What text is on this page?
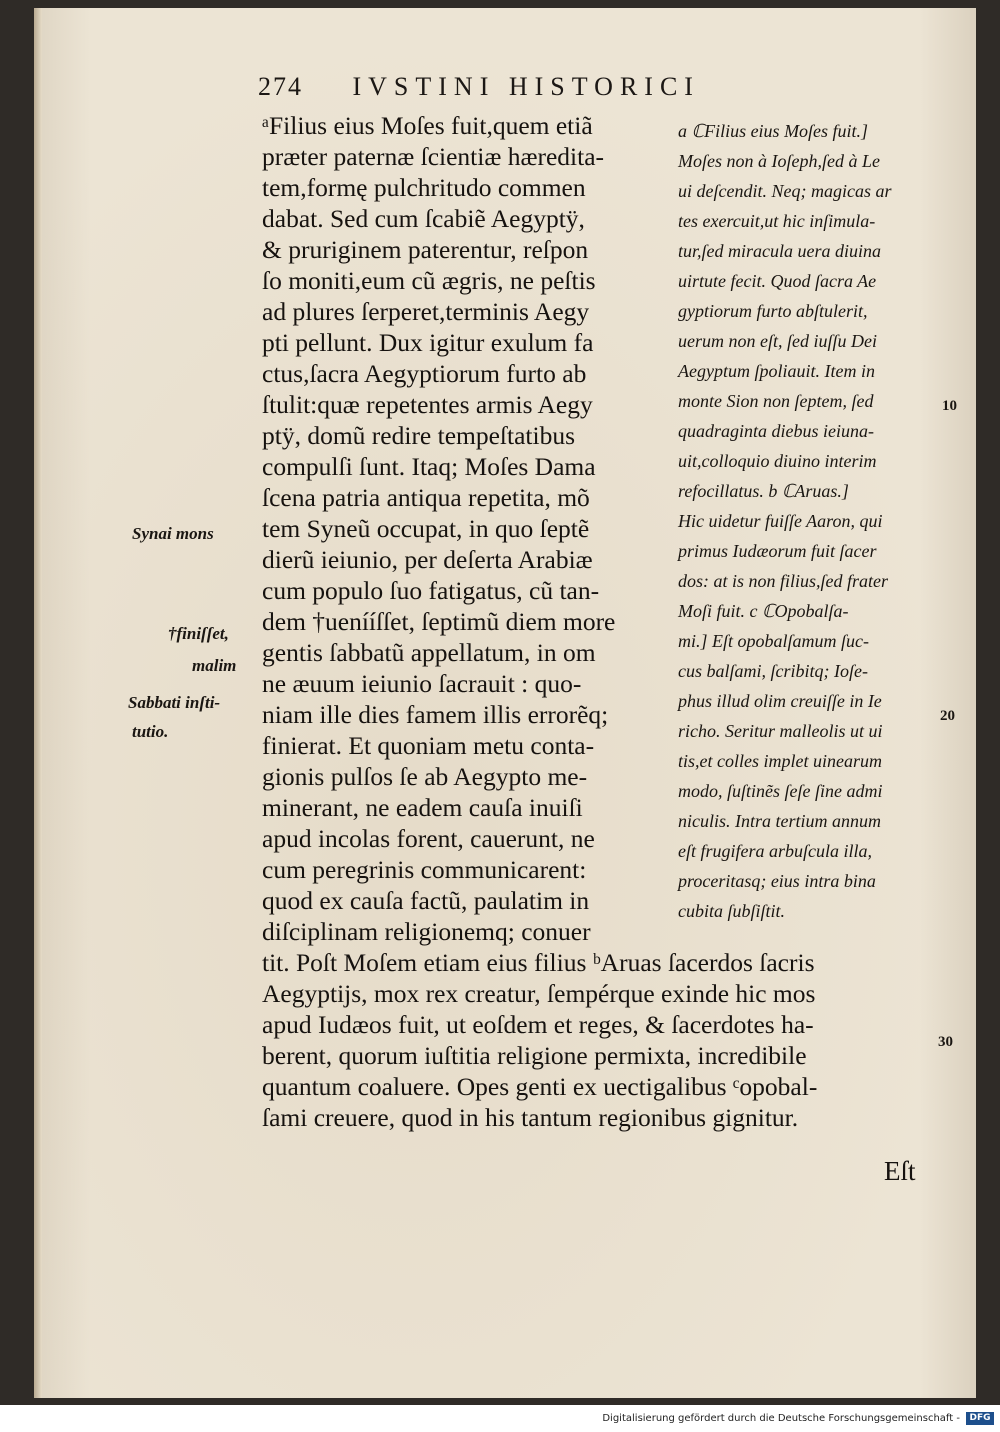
274 IVSTINI HISTORICI
ᵃFilius eius Moſes fuit,quem etiã
præter paternæ ſcientiæ hæredita-
tem,formę pulchritudo commen
dabat. Sed cum ſcabiẽ Aegyptÿ,
& pruriginem paterentur, reſpon
ſo moniti,eum cũ ægris, ne peſtis
ad plures ſerperet,terminis Aegy
pti pellunt. Dux igitur exulum fa
ctus,ſacra Aegyptiorum furto ab
ſtulit:quæ repetentes armis Aegy
ptÿ, domũ redire tempeſtatibus
compulſi ſunt. Itaq; Moſes Dama
ſcena patria antiqua repetita, mõ
tem Syneũ occupat, in quo ſeptẽ
dierũ ieiunio, per deſerta Arabiæ
cum populo ſuo fatigatus, cũ tan-
dem †uenííſſet, ſeptimũ diem more
gentis ſabbatũ appellatum, in om
ne æuum ieiunio ſacrauit : quo-
niam ille dies famem illis errorẽq;
finierat. Et quoniam metu conta-
gionis pulſos ſe ab Aegypto me-
minerant, ne eadem cauſa inuiſi
apud incolas forent, cauerunt, ne
cum peregrinis communicarent:
quod ex cauſa factũ, paulatim in
diſciplinam religionemq; conuer
tit. Poſt Moſem etiam eius filius ᵇAruas ſacerdos ſacris
Aegyptijs, mox rex creatur, ſempérque exinde hic mos
apud Iudæos fuit, ut eoſdem et reges, & ſacerdotes ha-
berent, quorum iuſtitia religione permixta, incredibile
quantum coaluere. Opes genti ex uectigalibus ᶜopobal-
ſami creuere, quod in his tantum regionibus gignitur.
a ℂFilius eius Moſes fuit.]
Moſes non à Ioſeph,ſed à Le
ui deſcendit. Neq; magicas ar
tes exercuit,ut hic inſimula-
tur,ſed miracula uera diuina
uirtute fecit. Quod ſacra Ae
gyptiorum furto abſtulerit,
uerum non eſt, ſed iuſſu Dei
Aegyptum ſpoliauit. Item in
monte Sion non ſeptem, ſed
quadraginta diebus ieiuna-
uit,colloquio diuino interim
refocillatus. b ℂAruas.]
Hic uidetur fuiſſe Aaron, qui
primus Iudæorum fuit ſacer
dos: at is non filius,ſed frater
Moſi fuit. c ℂOpobalſa-
mi.] Eſt opobalſamum ſuc-
cus balſami, ſcribitq; Ioſe-
phus illud olim creuiſſe in Ie
richo. Seritur malleolis ut ui
tis,et colles implet uinearum
modo, ſuſtinẽs ſeſe ſine admi
niculis. Intra tertium annum
eſt frugifera arbuſcula illa,
proceritasq; eius intra bina
cubita ſubſiſtit.
Synai mons
†finiſſet,
malim
Sabbati inſti-
tutio.
10
20
30
Eſt
Digitalisierung gefördert durch die Deutsche Forschungsgemeinschaft -	DFG
